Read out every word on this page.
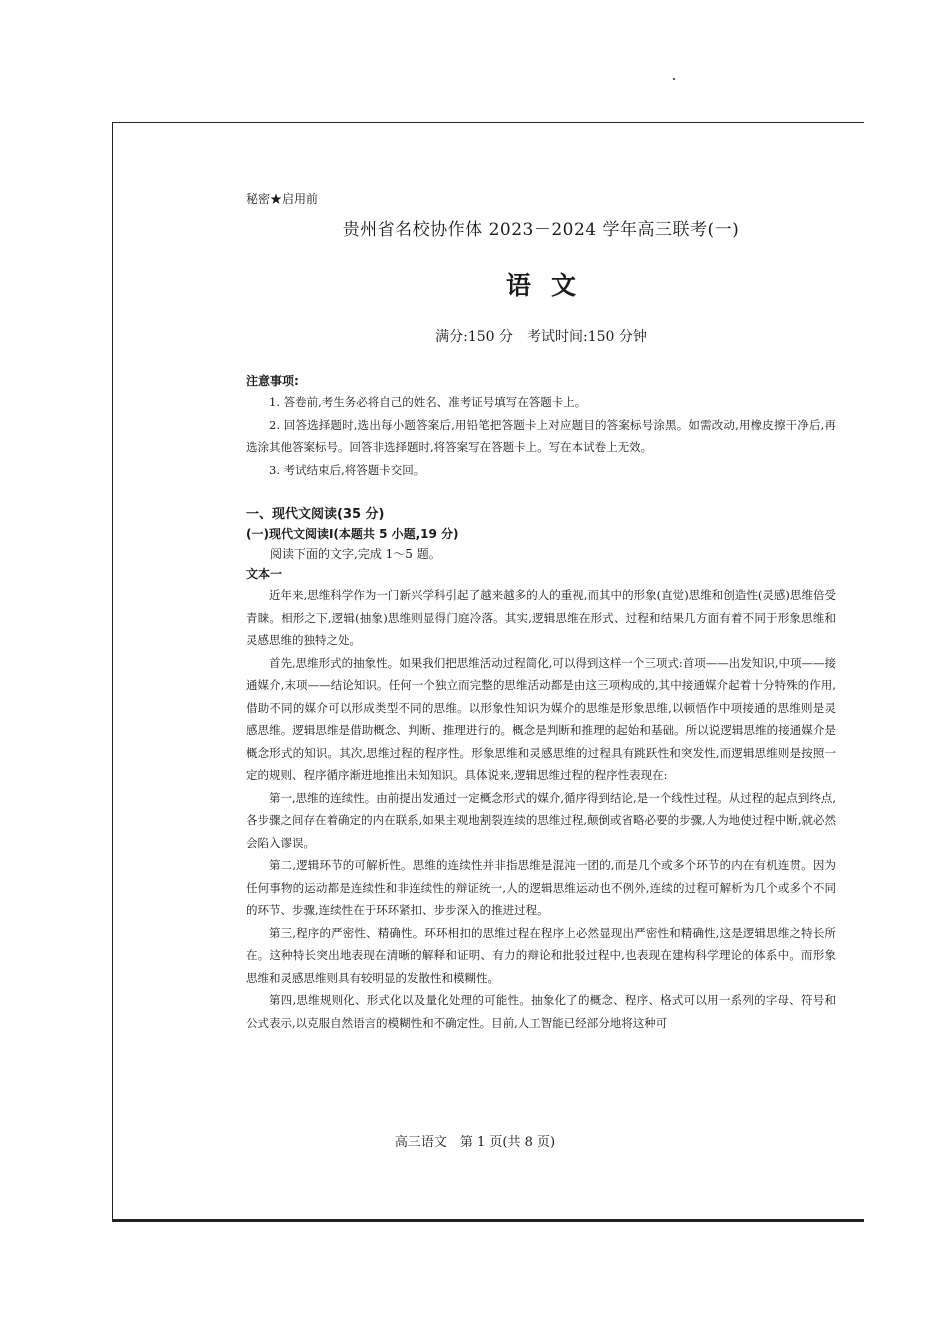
秘密★启用前

贵州省名校协作体 2023－2024 学年高三联考(一)

语文

满分:150 分　考试时间:150 分钟

注意事项:

1. 答卷前,考生务必将自己的姓名、准考证号填写在答题卡上。

2. 回答选择题时,选出每小题答案后,用铅笔把答题卡上对应题目的答案标号涂黑。如需改动,用橡皮擦干净后,再选涂其他答案标号。回答非选择题时,将答案写在答题卡上。写在本试卷上无效。

3. 考试结束后,将答题卡交回。

一、现代文阅读(35 分)

(一)现代文阅读Ⅰ(本题共 5 小题,19 分)

阅读下面的文字,完成 1～5 题。

文本一

近年来,思维科学作为一门新兴学科引起了越来越多的人的重视,而其中的形象(直觉)思维和创造性(灵感)思维倍受青睐。相形之下,逻辑(抽象)思维则显得门庭冷落。其实,逻辑思维在形式、过程和结果几方面有着不同于形象思维和灵感思维的独特之处。

首先,思维形式的抽象性。如果我们把思维活动过程简化,可以得到这样一个三项式:首项——出发知识,中项——接通媒介,末项——结论知识。任何一个独立而完整的思维活动都是由这三项构成的,其中接通媒介起着十分特殊的作用,借助不同的媒介可以形成类型不同的思维。以形象性知识为媒介的思维是形象思维,以顿悟作中项接通的思维则是灵感思维。逻辑思维是借助概念、判断、推理进行的。概念是判断和推理的起始和基础。所以说逻辑思维的接通媒介是概念形式的知识。其次,思维过程的程序性。形象思维和灵感思维的过程具有跳跃性和突发性,而逻辑思维则是按照一定的规则、程序循序渐进地推出未知知识。具体说来,逻辑思维过程的程序性表现在:

第一,思维的连续性。由前提出发通过一定概念形式的媒介,循序得到结论,是一个线性过程。从过程的起点到终点,各步骤之间存在着确定的内在联系,如果主观地割裂连续的思维过程,颠倒或省略必要的步骤,人为地使过程中断,就必然会陷入谬误。

第二,逻辑环节的可解析性。思维的连续性并非指思维是混沌一团的,而是几个或多个环节的内在有机连贯。因为任何事物的运动都是连续性和非连续性的辩证统一,人的逻辑思维运动也不例外,连续的过程可解析为几个或多个不同的环节、步骤,连续性在于环环紧扣、步步深入的推进过程。

第三,程序的严密性、精确性。环环相扣的思维过程在程序上必然显现出严密性和精确性,这是逻辑思维之特长所在。这种特长突出地表现在清晰的解释和证明、有力的辩论和批驳过程中,也表现在建构科学理论的体系中。而形象思维和灵感思维则具有较明显的发散性和模糊性。

第四,思维规则化、形式化以及量化处理的可能性。抽象化了的概念、程序、格式可以用一系列的字母、符号和公式表示,以克服自然语言的模糊性和不确定性。目前,人工智能已经部分地将这种可

高三语文　第 1 页(共 8 页)
